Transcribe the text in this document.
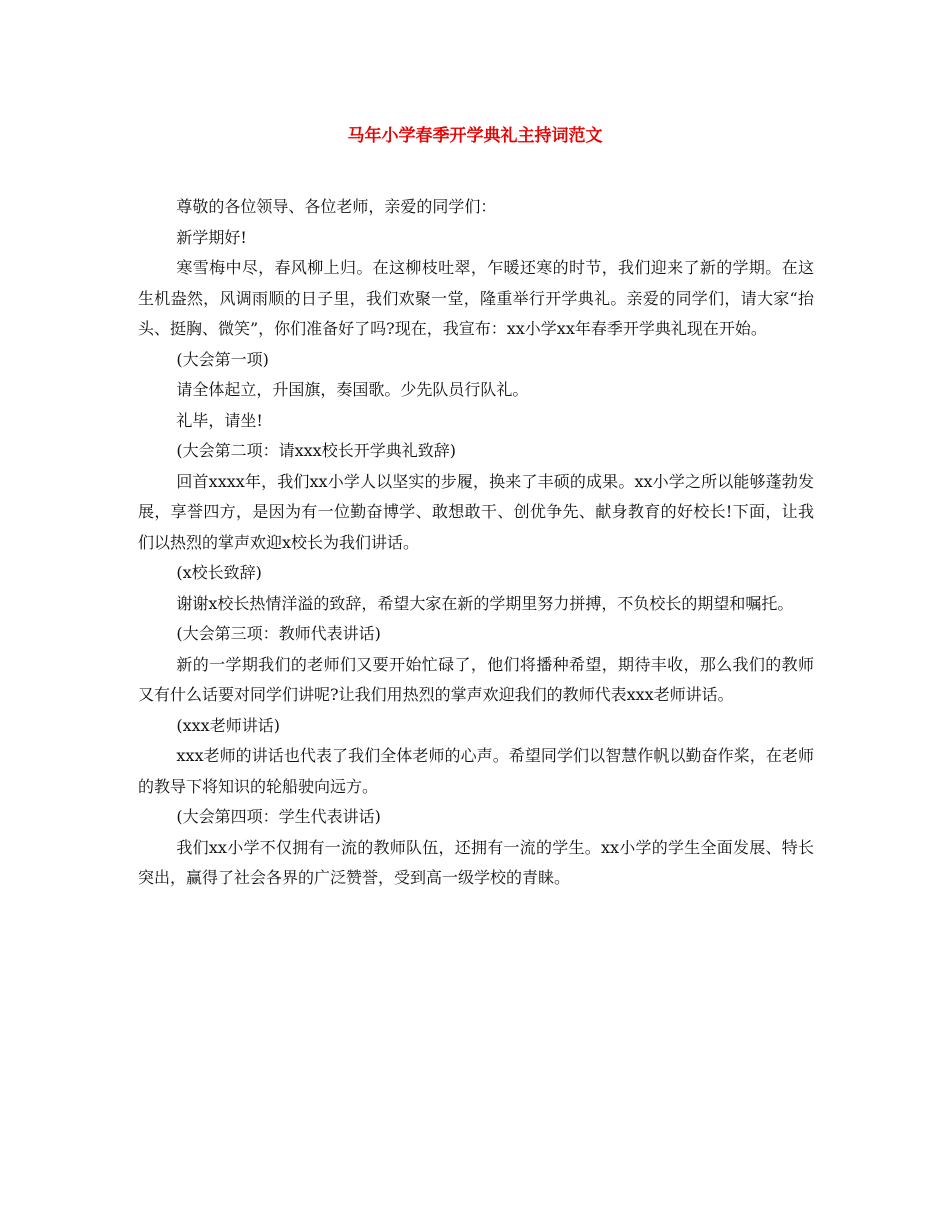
马年小学春季开学典礼主持词范文

尊敬的各位领导、各位老师，亲爱的同学们：

新学期好!

寒雪梅中尽，春风柳上归。在这柳枝吐翠，乍暖还寒的时节，我们迎来了新的学期。在这生机盎然，风调雨顺的日子里，我们欢聚一堂，隆重举行开学典礼。亲爱的同学们，请大家“抬头、挺胸、微笑”，你们准备好了吗?现在，我宣布：xx小学xx年春季开学典礼现在开始。

(大会第一项)

请全体起立，升国旗，奏国歌。少先队员行队礼。

礼毕，请坐!

(大会第二项：请xxx校长开学典礼致辞)

回首xxxx年，我们xx小学人以坚实的步履，换来了丰硕的成果。xx小学之所以能够蓬勃发展，享誉四方，是因为有一位勤奋博学、敢想敢干、创优争先、献身教育的好校长!下面，让我们以热烈的掌声欢迎x校长为我们讲话。

(x校长致辞)

谢谢x校长热情洋溢的致辞，希望大家在新的学期里努力拼搏，不负校长的期望和嘱托。

(大会第三项：教师代表讲话)

新的一学期我们的老师们又要开始忙碌了，他们将播种希望，期待丰收，那么我们的教师又有什么话要对同学们讲呢?让我们用热烈的掌声欢迎我们的教师代表xxx老师讲话。

(xxx老师讲话)

xxx老师的讲话也代表了我们全体老师的心声。希望同学们以智慧作帆以勤奋作桨，在老师的教导下将知识的轮船驶向远方。

(大会第四项：学生代表讲话)

我们xx小学不仅拥有一流的教师队伍，还拥有一流的学生。xx小学的学生全面发展、特长突出，赢得了社会各界的广泛赞誉，受到高一级学校的青睐。
